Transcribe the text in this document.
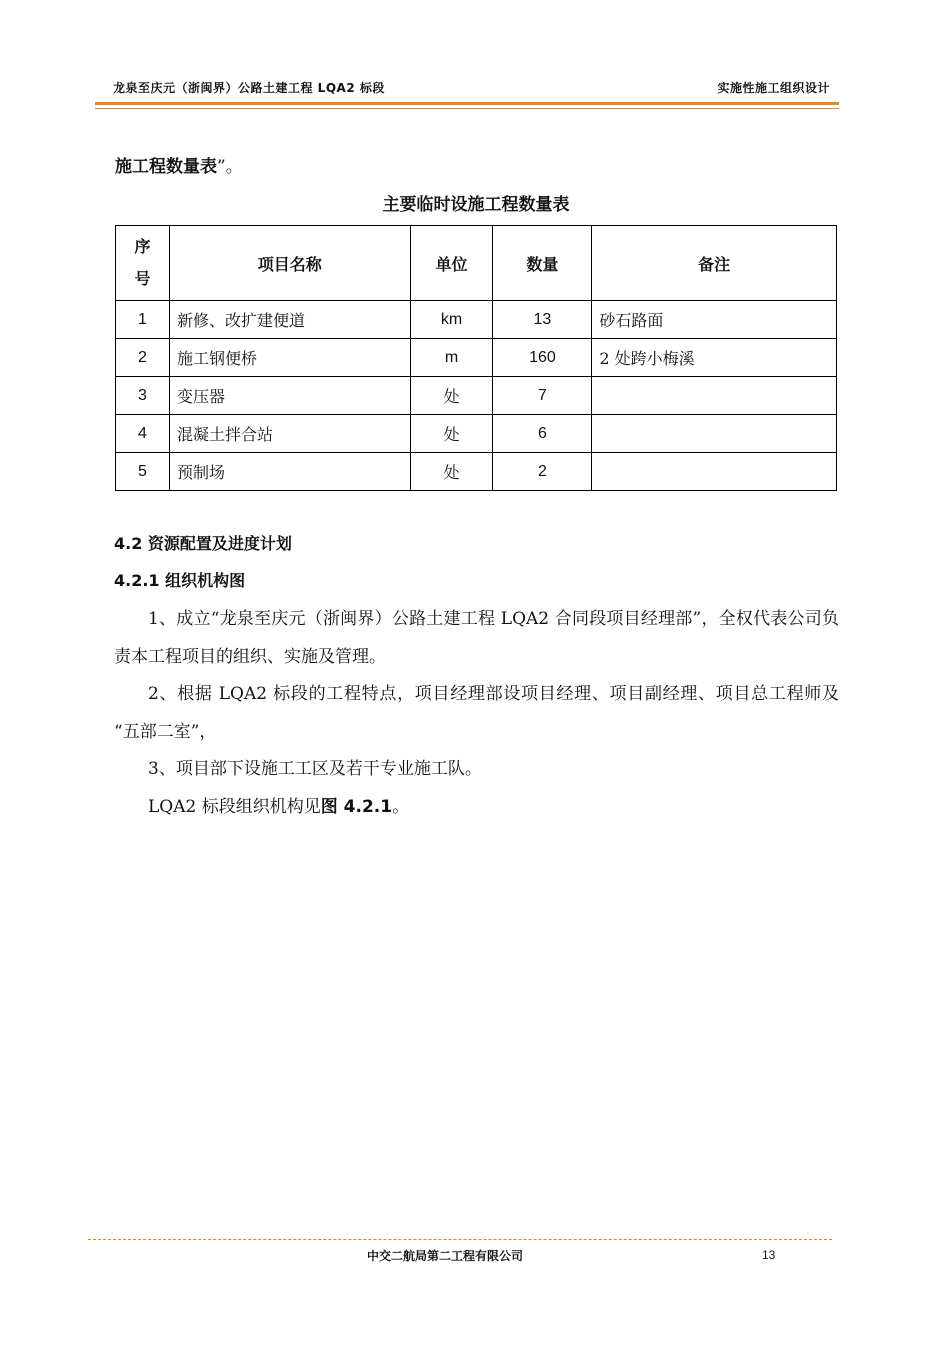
龙泉至庆元（浙闽界）公路土建工程 LQA2 标段	实施性施工组织设计
施工程数量表”。
主要临时设施工程数量表
序
号	项目名称	单位	数量	备注
1	新修、改扩建便道	km	13	砂石路面
2	施工钢便桥	m	160	2 处跨小梅溪
3	变压器	处	7	
4	混凝土拌合站	处	6	
5	预制场	处	2	
4.2 资源配置及进度计划
4.2.1 组织机构图
1、成立“龙泉至庆元（浙闽界）公路土建工程 LQA2 合同段项目经理部”，全权代表公司负责本工程项目的组织、实施及管理。
2、根据 LQA2 标段的工程特点，项目经理部设项目经理、项目副经理、项目总工程师及 “五部二室”，
3、项目部下设施工工区及若干专业施工队。
LQA2 标段组织机构见图 4.2.1。
中交二航局第二工程有限公司	13
